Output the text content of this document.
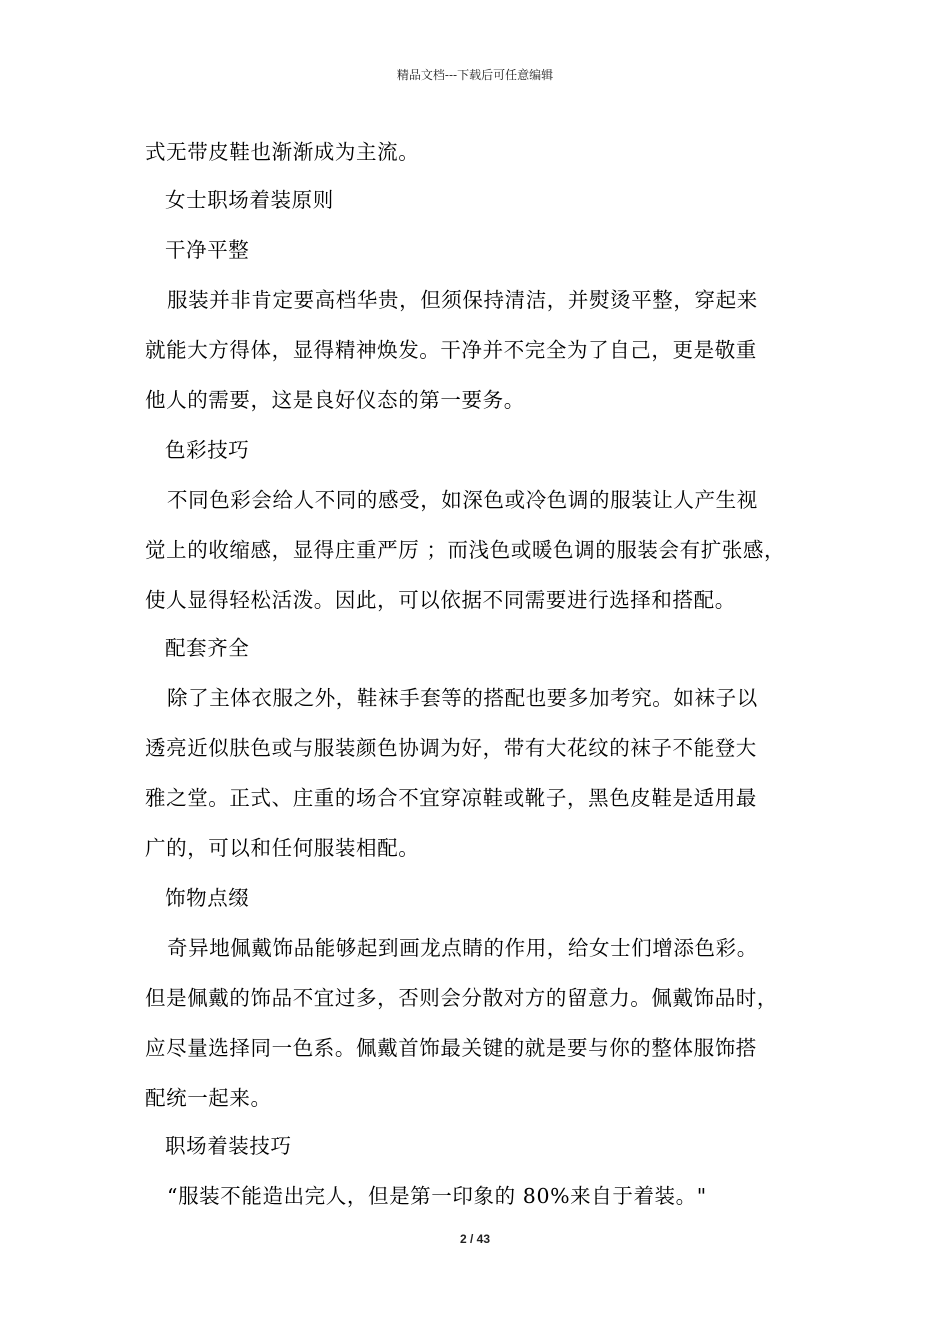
精品文档---下载后可任意编辑
式无带皮鞋也渐渐成为主流。
女士职场着装原则
干净平整
服装并非肯定要高档华贵，但须保持清洁，并熨烫平整，穿起来
就能大方得体，显得精神焕发。干净并不完全为了自己，更是敬重
他人的需要，这是良好仪态的第一要务。
色彩技巧
不同色彩会给人不同的感受，如深色或冷色调的服装让人产生视
觉上的收缩感，显得庄重严厉 ；而浅色或暖色调的服装会有扩张感，
使人显得轻松活泼。因此，可以依据不同需要进行选择和搭配。
配套齐全
除了主体衣服之外，鞋袜手套等的搭配也要多加考究。如袜子以
透亮近似肤色或与服装颜色协调为好，带有大花纹的袜子不能登大
雅之堂。正式、庄重的场合不宜穿凉鞋或靴子，黑色皮鞋是适用最
广的，可以和任何服装相配。
饰物点缀
奇异地佩戴饰品能够起到画龙点睛的作用，给女士们增添色彩。
但是佩戴的饰品不宜过多，否则会分散对方的留意力。佩戴饰品时，
应尽量选择同一色系。佩戴首饰最关键的就是要与你的整体服饰搭
配统一起来。
职场着装技巧
“服装不能造出完人，但是第一印象的 80%来自于着装。"
2 / 43
